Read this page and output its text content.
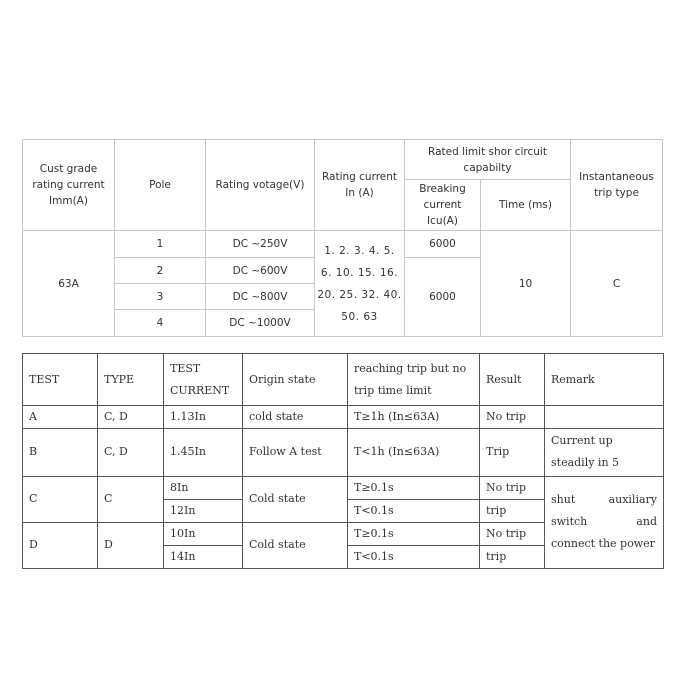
Cust grade rating current Imm(A)	Pole	Rating votage(V)	Rating current In (A)	Rated limit shor circuit capabilty		Instantaneous trip type
				Breaking current Icu(A)	Time (ms)	
63A	1	DC ~250V	1. 2. 3. 4. 5. 6. 10. 15. 16. 20. 25. 32. 40. 50. 63	6000	10	C
	2	DC ~600V		6000		
	3	DC ~800V				
	4	DC ~1000V				
TEST	TYPE	TEST CURRENT	Origin state	reaching trip but no trip time limit	Result	Remark
A	C, D	1.13In	cold state	T≥1h (In≤63A)	No trip	
B	C, D	1.45In	Follow A test	T<1h (In≤63A)	Trip	Current up steadily in 5
C	C	8In	Cold state	T≥0.1s	No trip	shut auxiliary switch and connect the power
		12In		T<0.1s	trip	
D	D	10In	Cold state	T≥0.1s	No trip	
		14In		T<0.1s	trip	
